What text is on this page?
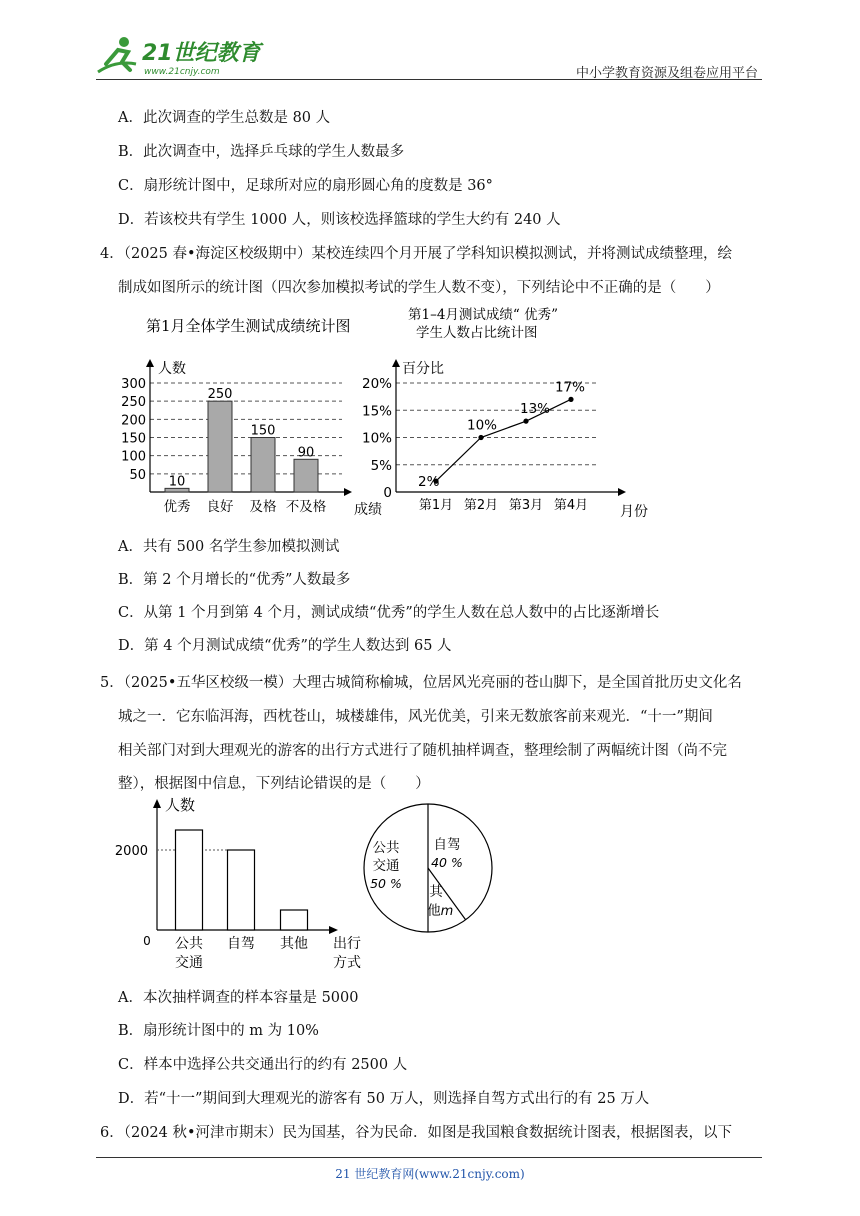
21世纪教育
www.21cnjy.com	中小学教育资源及组卷应用平台
A．此次调查的学生总数是 80 人
B．此次调查中，选择乒乓球的学生人数最多
C．扇形统计图中，足球所对应的扇形圆心角的度数是 36°
D．若该校共有学生 1000 人，则该校选择篮球的学生大约有 240 人
4．（2025 春•海淀区校级期中）某校连续四个月开展了学科知识模拟测试，并将测试成绩整理，绘
制成如图所示的统计图（四次参加模拟考试的学生人数不变），下列结论中不正确的是（　　）
第1月全体学生测试成绩统计图
50
100
150
200
250
300
人数
成绩
10
优秀
250
良好
150
及格
90
不及格
第1–4月测试成绩“ 优秀”
学生人数占比统计图
0
5%
10%
15%
20%
百分比
月份
2%
第1月
10%
第2月
13%
第3月
17%
第4月
A．共有 500 名学生参加模拟测试
B．第 2 个月增长的“优秀”人数最多
C．从第 1 个月到第 4 个月，测试成绩“优秀”的学生人数在总人数中的占比逐渐增长
D．第 4 个月测试成绩“优秀”的学生人数达到 65 人
5．（2025•五华区校级一模）大理古城简称榆城，位居风光亮丽的苍山脚下，是全国首批历史文化名
城之一．它东临洱海，西枕苍山，城楼雄伟，风光优美，引来无数旅客前来观光．“十一”期间
相关部门对到大理观光的游客的出行方式进行了随机抽样调查，整理绘制了两幅统计图（尚不完
整），根据图中信息，下列结论错误的是（　　）
人数
0
2000
公共
交通
自驾 其他 出行
方式
公共
交通
50 %
自驾
40 %
其
他 m
A．本次抽样调查的样本容量是 5000
B．扇形统计图中的 m 为 10%
C．样本中选择公共交通出行的约有 2500 人
D．若“十一”期间到大理观光的游客有 50 万人，则选择自驾方式出行的有 25 万人
6．（2024 秋•河津市期末）民为国基，谷为民命．如图是我国粮食数据统计图表，根据图表，以下
21 世纪教育网(www.21cnjy.com)
